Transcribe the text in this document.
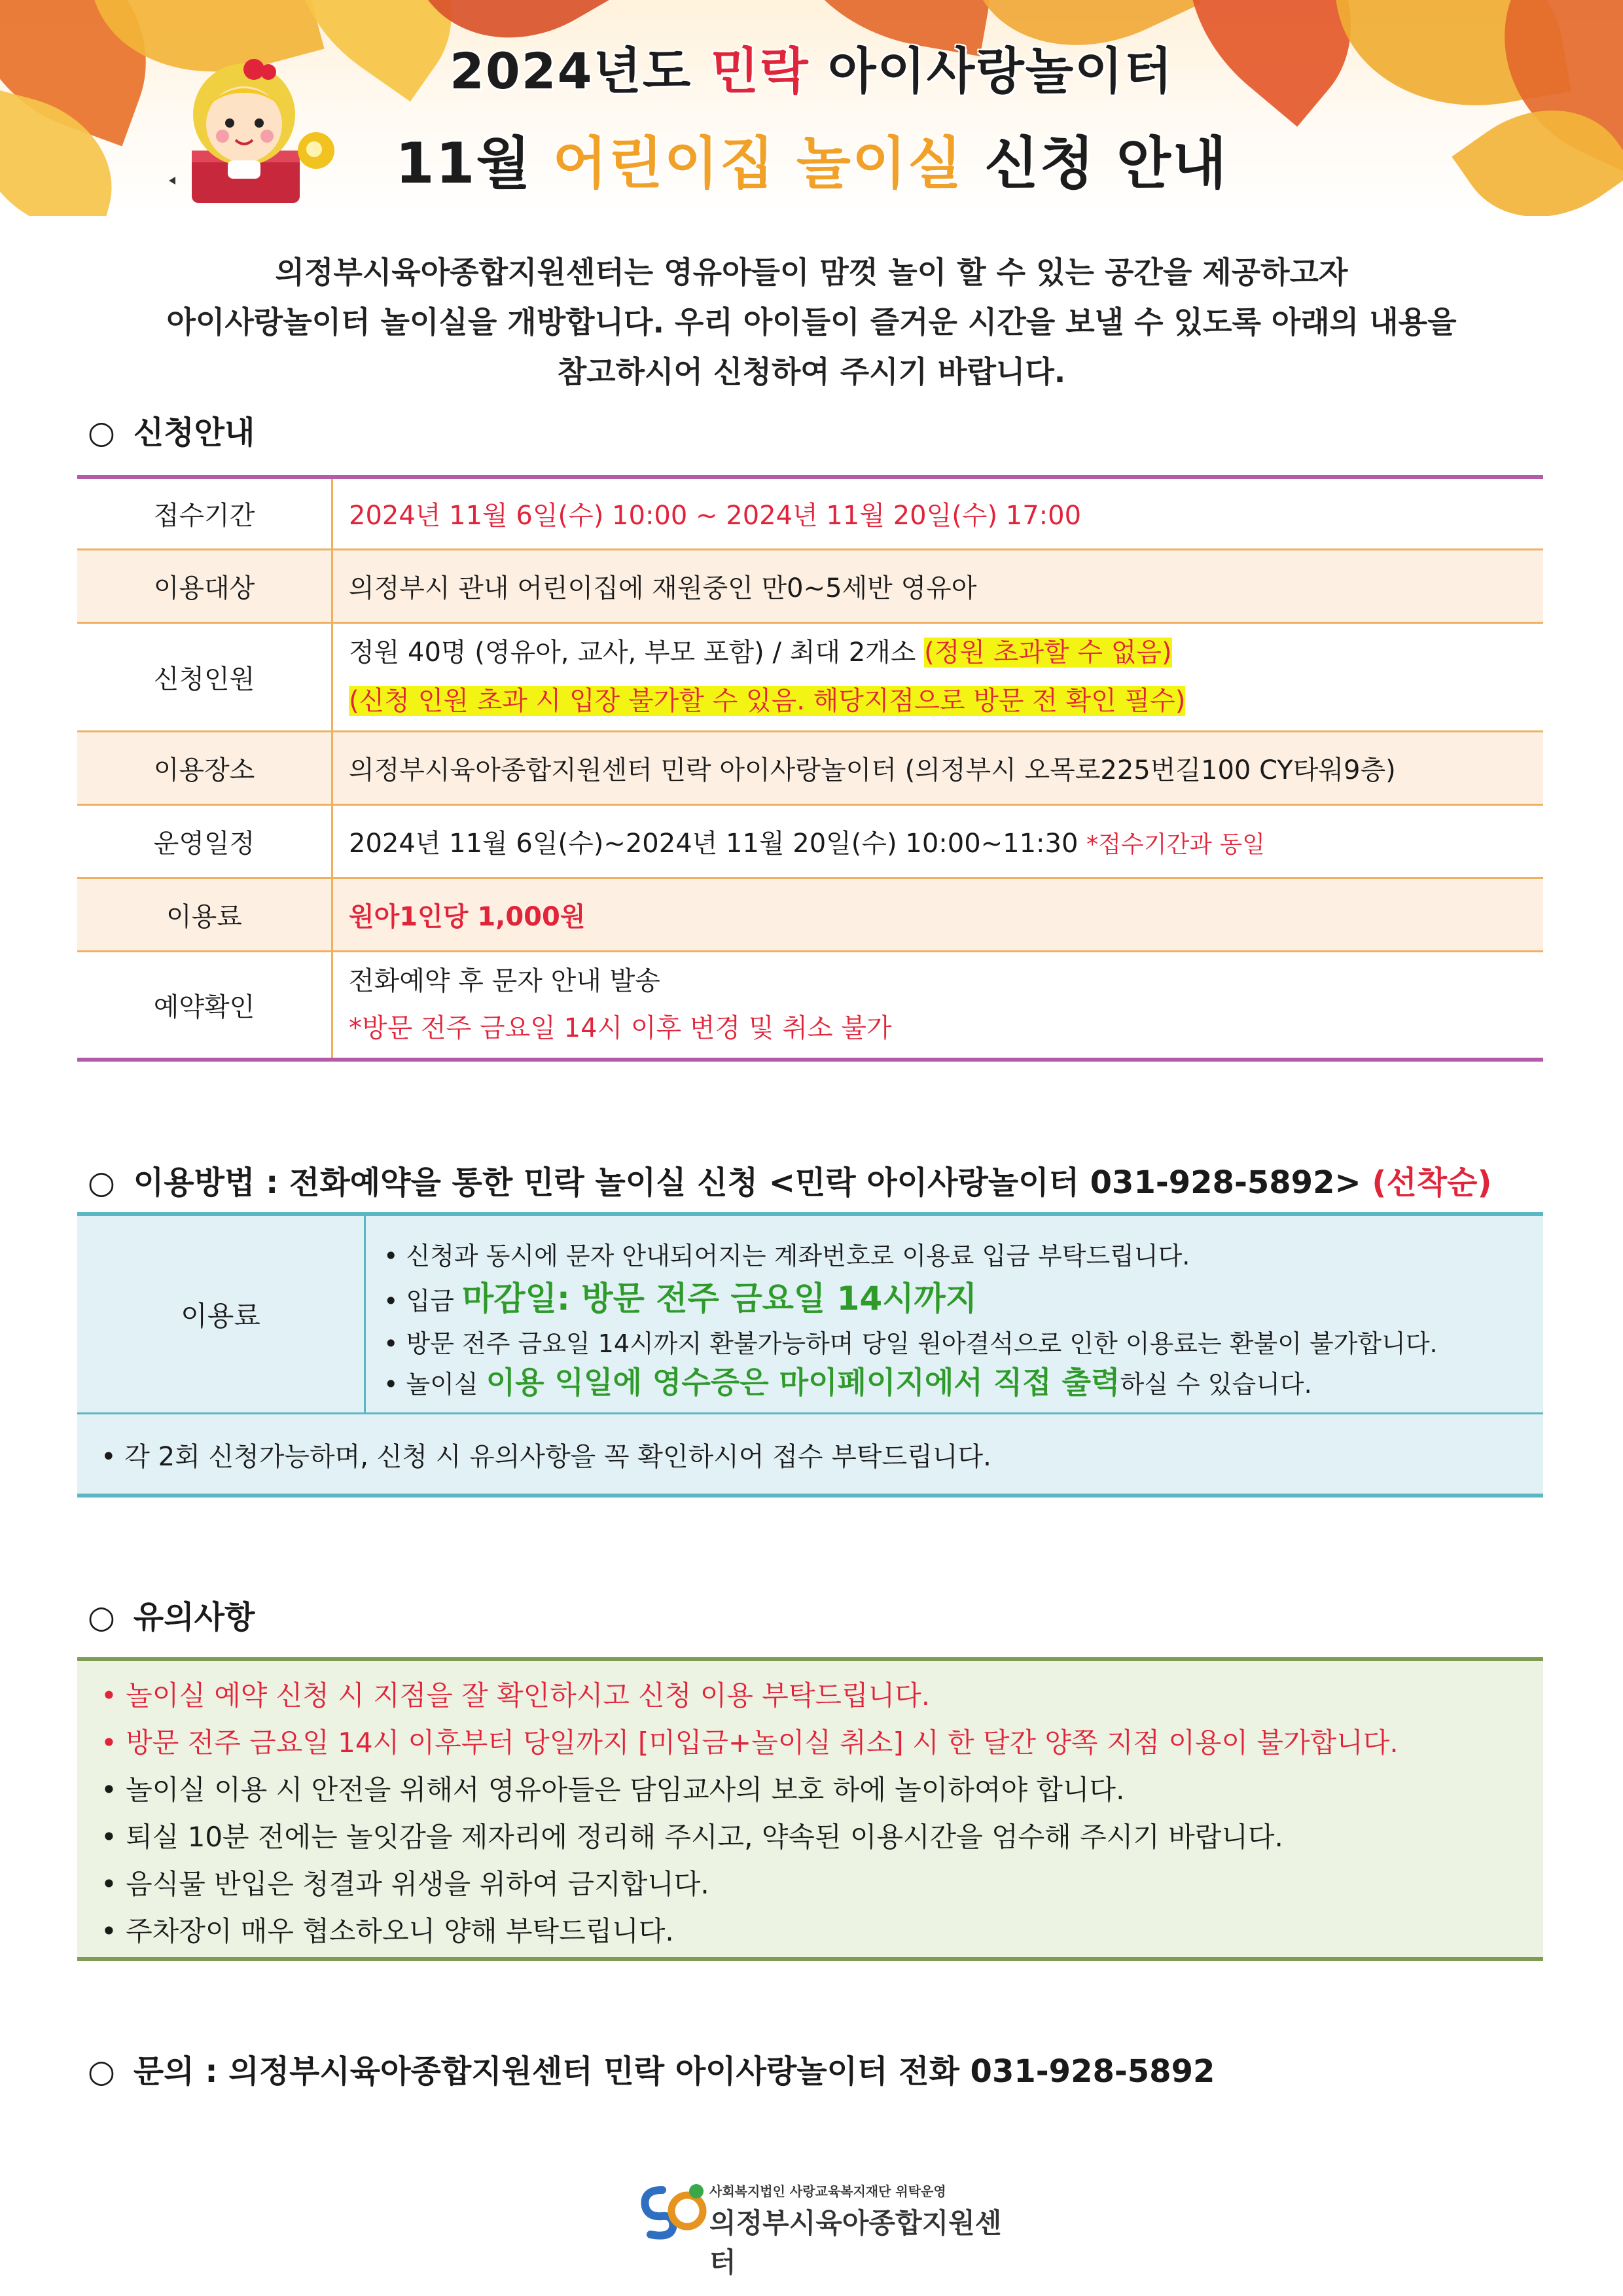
2024년도 민락 아이사랑놀이터
11월 어린이집 놀이실 신청 안내
의정부시육아종합지원센터는 영유아들이 맘껏 놀이 할 수 있는 공간을 제공하고자
아이사랑놀이터 놀이실을 개방합니다. 우리 아이들이 즐거운 시간을 보낼 수 있도록 아래의 내용을
참고하시어 신청하여 주시기 바랍니다.
○ 신청안내
접수기간	2024년 11월 6일(수) 10:00 ~ 2024년 11월 20일(수) 17:00
이용대상	의정부시 관내 어린이집에 재원중인 만0~5세반 영유아
신청인원	정원 40명 (영유아, 교사, 부모 포함) / 최대 2개소 (정원 초과할 수 없음)
(신청 인원 초과 시 입장 불가할 수 있음. 해당지점으로 방문 전 확인 필수)

이용장소	의정부시육아종합지원센터 민락 아이사랑놀이터 (의정부시 오목로225번길100 CY타워9층)
운영일정	2024년 11월 6일(수)~2024년 11월 20일(수) 10:00~11:30 *접수기간과 동일
이용료	원아1인당 1,000원
예약확인	전화예약 후 문자 안내 발송
*방문 전주 금요일 14시 이후 변경 및 취소 불가
○ 이용방법 : 전화예약을 통한 민락 놀이실 신청 <민락 아이사랑놀이터 031-928-5892> (선착순)
이용료
• 신청과 동시에 문자 안내되어지는 계좌번호로 이용료 입금 부탁드립니다.
• 입금 마감일: 방문 전주 금요일 14시까지
• 방문 전주 금요일 14시까지 환불가능하며 당일 원아결석으로 인한 이용료는 환불이 불가합니다.
• 놀이실 이용 익일에 영수증은 마이페이지에서 직접 출력하실 수 있습니다.
• 각 2회 신청가능하며, 신청 시 유의사항을 꼭 확인하시어 접수 부탁드립니다.
○ 유의사항
• 놀이실 예약 신청 시 지점을 잘 확인하시고 신청 이용 부탁드립니다.
• 방문 전주 금요일 14시 이후부터 당일까지 [미입금+놀이실 취소] 시 한 달간 양쪽 지점 이용이 불가합니다.
• 놀이실 이용 시 안전을 위해서 영유아들은 담임교사의 보호 하에 놀이하여야 합니다.
• 퇴실 10분 전에는 놀잇감을 제자리에 정리해 주시고, 약속된 이용시간을 엄수해 주시기 바랍니다.
• 음식물 반입은 청결과 위생을 위하여 금지합니다.
• 주차장이 매우 협소하오니 양해 부탁드립니다.
○ 문의 : 의정부시육아종합지원센터 민락 아이사랑놀이터 전화 031-928-5892
사회복지법인 사랑교육복지재단 위탁운영
의정부시육아종합지원센터
